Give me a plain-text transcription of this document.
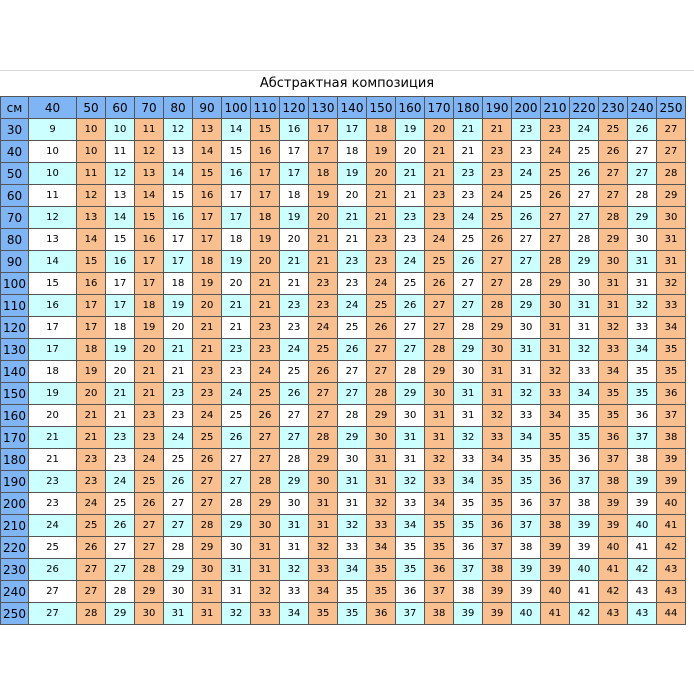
Абстрактная композиция
см	40	50	60	70	80	90	100	110	120	130	140	150	160	170	180	190	200	210	220	230	240	250
30	9	10	10	11	12	13	14	15	16	17	17	18	19	20	21	21	23	23	24	25	26	27
40	10	10	11	12	13	14	15	16	17	17	18	19	20	21	21	23	23	24	25	26	27	27
50	10	11	12	13	14	15	16	17	17	18	19	20	21	21	23	23	24	25	26	27	27	28
60	11	12	13	14	15	16	17	17	18	19	20	21	21	23	23	24	25	26	27	27	28	29
70	12	13	14	15	16	17	17	18	19	20	21	21	23	23	24	25	26	27	27	28	29	30
80	13	14	15	16	17	17	18	19	20	21	21	23	23	24	25	26	27	27	28	29	30	31
90	14	15	16	17	17	18	19	20	21	21	23	23	24	25	26	27	27	28	29	30	31	31
100	15	16	17	17	18	19	20	21	21	23	23	24	25	26	27	27	28	29	30	31	31	32
110	16	17	17	18	19	20	21	21	23	23	24	25	26	27	27	28	29	30	31	31	32	33
120	17	17	18	19	20	21	21	23	23	24	25	26	27	27	28	29	30	31	31	32	33	34
130	17	18	19	20	21	21	23	23	24	25	26	27	27	28	29	30	31	31	32	33	34	35
140	18	19	20	21	21	23	23	24	25	26	27	27	28	29	30	31	31	32	33	34	35	35
150	19	20	21	21	23	23	24	25	26	27	27	28	29	30	31	31	32	33	34	35	35	36
160	20	21	21	23	23	24	25	26	27	27	28	29	30	31	31	32	33	34	35	35	36	37
170	21	21	23	23	24	25	26	27	27	28	29	30	31	31	32	33	34	35	35	36	37	38
180	21	23	23	24	25	26	27	27	28	29	30	31	31	32	33	34	35	35	36	37	38	39
190	23	23	24	25	26	27	27	28	29	30	31	31	32	33	34	35	35	36	37	38	39	39
200	23	24	25	26	27	27	28	29	30	31	31	32	33	34	35	35	36	37	38	39	39	40
210	24	25	26	27	27	28	29	30	31	31	32	33	34	35	35	36	37	38	39	39	40	41
220	25	26	27	27	28	29	30	31	31	32	33	34	35	35	36	37	38	39	39	40	41	42
230	26	27	27	28	29	30	31	31	32	33	34	35	35	36	37	38	39	39	40	41	42	43
240	27	27	28	29	30	31	31	32	33	34	35	35	36	37	38	39	39	40	41	42	43	43
250	27	28	29	30	31	31	32	33	34	35	35	36	37	38	39	39	40	41	42	43	43	44
